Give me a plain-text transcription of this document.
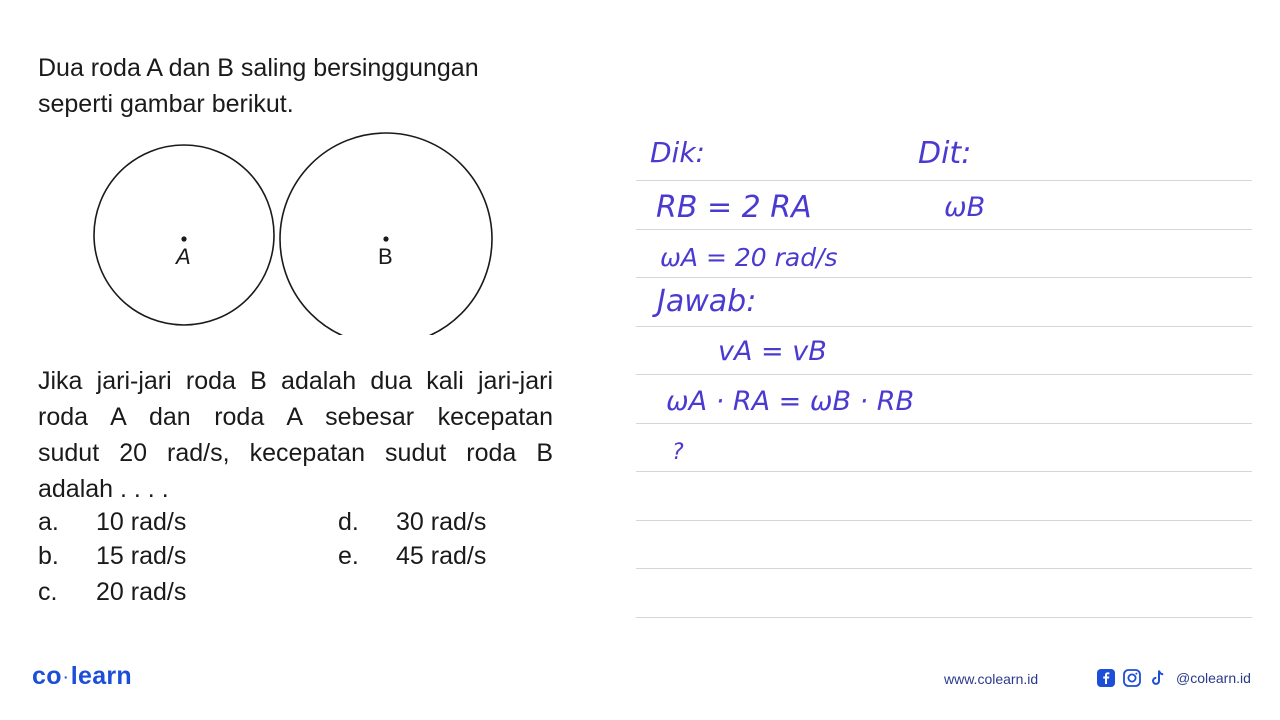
Dua roda A dan B saling bersinggungan
seperti gambar berikut.
A	B
Jika jari-jari roda B adalah dua kali jari-jari
roda A dan roda A sebesar kecepatan
sudut 20 rad/s, kecepatan sudut roda B
adalah . . . .
a. 10 rad/s
b. 15 rad/s
c. 20 rad/s
d. 30 rad/s
e. 45 rad/s
Dik:	Dit:
RB = 2 RA	ωB
ωA = 20 rad/s
Jawab:
vA = vB
ωA · RA = ωB · RB
?
co ·learn	www.colearn.id	@colearn.id
